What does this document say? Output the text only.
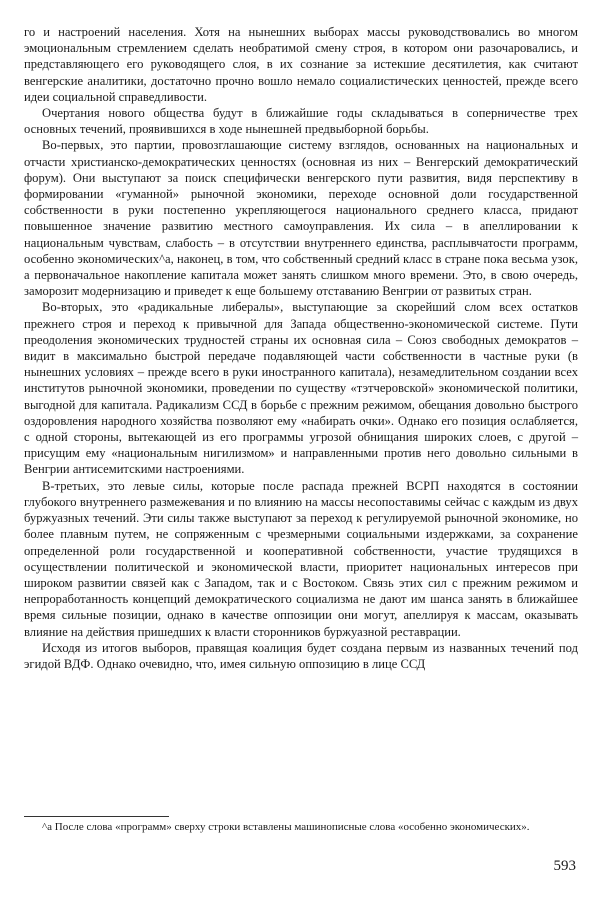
го и настроений населения. Хотя на нынешних выборах массы руководствовались во многом эмоциональным стремлением сделать необратимой смену строя, в котором они разочаровались, и представляющего его руководящего слоя, в их сознание за истекшие десятилетия, как считают венгерские аналитики, достаточно прочно вошло немало социалистических ценностей, прежде всего идеи социальной справедливости.

Очертания нового общества будут в ближайшие годы складываться в соперничестве трех основных течений, проявившихся в ходе нынешней предвыборной борьбы.

Во-первых, это партии, провозглашающие систему взглядов, основанных на национальных и отчасти христианско-демократических ценностях (основная из них – Венгерский демократический форум). Они выступают за поиск специфически венгерского пути развития, видя перспективу в формировании «гуманной» рыночной экономики, переходе основной доли государственной собственности в руки постепенно укрепляющегося национального среднего класса, придают повышенное значение развитию местного самоуправления. Их сила – в апеллировании к национальным чувствам, слабость – в отсутствии внутреннего единства, расплывчатости программ, особенно экономических^a, наконец, в том, что собственный средний класс в стране пока весьма узок, а первоначальное накопление капитала может занять слишком много времени. Это, в свою очередь, заморозит модернизацию и приведет к еще большему отставанию Венгрии от развитых стран.

Во-вторых, это «радикальные либералы», выступающие за скорейший слом всех остатков прежнего строя и переход к привычной для Запада общественно-экономической системе. Пути преодоления экономических трудностей страны их основная сила – Союз свободных демократов – видит в максимально быстрой передаче подавляющей части собственности в частные руки (в нынешних условиях – прежде всего в руки иностранного капитала), незамедлительном создании всех институтов рыночной экономики, проведении по существу «тэтчеровской» экономической политики, выгодной для капитала. Радикализм ССД в борьбе с прежним режимом, обещания довольно быстрого оздоровления народного хозяйства позволяют ему «набирать очки». Однако его позиция ослабляется, с одной стороны, вытекающей из его программы угрозой обнищания широких слоев, с другой – присущим ему «национальным нигилизмом» и направленными против него довольно сильными в Венгрии антисемитскими настроениями.

В-третьих, это левые силы, которые после распада прежней ВСРП находятся в состоянии глубокого внутреннего размежевания и по влиянию на массы несопоставимы сейчас с каждым из двух буржуазных течений. Эти силы также выступают за переход к регулируемой рыночной экономике, но более плавным путем, не сопряженным с чрезмерными социальными издержками, за сохранение определенной роли государственной и кооперативной собственности, участие трудящихся в осуществлении политической и экономической власти, приоритет национальных интересов при широком развитии связей как с Западом, так и с Востоком. Связь этих сил с прежним режимом и непроработанность концепций демократического социализма не дают им шанса занять в ближайшее время сильные позиции, однако в качестве оппозиции они могут, апеллируя к массам, оказывать влияние на действия пришедших к власти сторонников буржуазной реставрации.

Исходя из итогов выборов, правящая коалиция будет создана первым из названных течений под эгидой ВДФ. Однако очевидно, что, имея сильную оппозицию в лице ССД

^a После слова «программ» сверху строки вставлены машинописные слова «особенно экономических».

593
